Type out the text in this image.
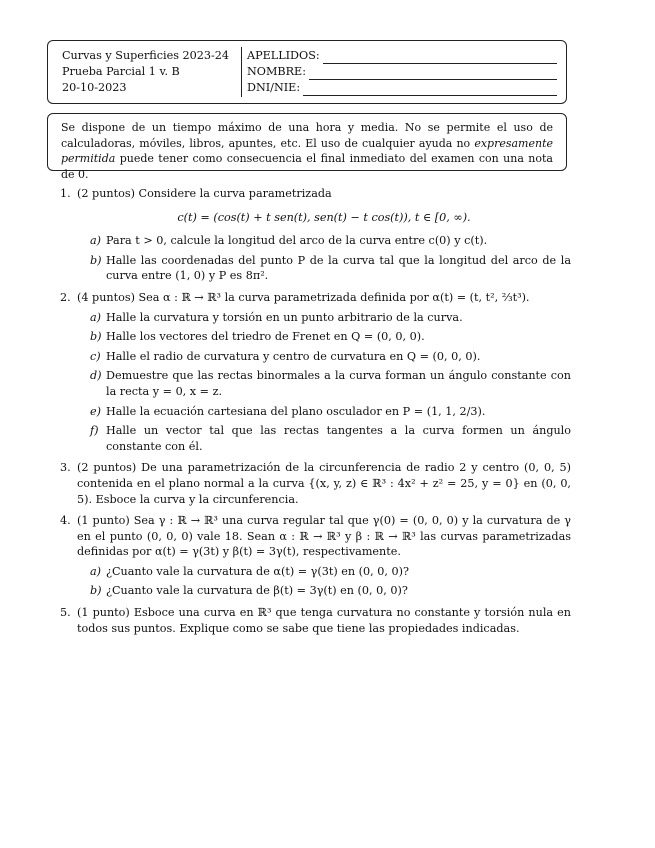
Curvas y Superficies 2023-24
Prueba Parcial 1 v. B
20-10-2023
APELLIDOS:
NOMBRE:
DNI/NIE:

Se dispone de un tiempo máximo de una hora y media. No se permite el uso de calculadoras, móviles, libros, apuntes, etc. El uso de cualquier ayuda no expresamente permitida puede tener como consecuencia el final inmediato del examen con una nota de 0.

1. (2 puntos) Considere la curva parametrizada
c(t) = (cos(t) + t sen(t), sen(t) − t cos(t)), t ∈ [0, ∞).
a) Para t > 0, calcule la longitud del arco de la curva entre c(0) y c(t).
b) Halle las coordenadas del punto P de la curva tal que la longitud del arco de la curva entre (1, 0) y P es 8π².
2. (4 puntos) Sea α : ℝ → ℝ³ la curva parametrizada definida por α(t) = (t, t², ⅔t³).
a) Halle la curvatura y torsión en un punto arbitrario de la curva.
b) Halle los vectores del triedro de Frenet en Q = (0, 0, 0).
c) Halle el radio de curvatura y centro de curvatura en Q = (0, 0, 0).
d) Demuestre que las rectas binormales a la curva forman un ángulo constante con la recta y = 0, x = z.
e) Halle la ecuación cartesiana del plano osculador en P = (1, 1, 2/3).
f) Halle un vector tal que las rectas tangentes a la curva formen un ángulo constante con él.
3. (2 puntos) De una parametrización de la circunferencia de radio 2 y centro (0, 0, 5) contenida en el plano normal a la curva {(x, y, z) ∈ ℝ³ : 4x² + z² = 25, y = 0} en (0, 0, 5). Esboce la curva y la circunferencia.
4. (1 punto) Sea γ : ℝ → ℝ³ una curva regular tal que γ(0) = (0, 0, 0) y la curvatura de γ en el punto (0, 0, 0) vale 18. Sean α : ℝ → ℝ³ y β : ℝ → ℝ³ las curvas parametrizadas definidas por α(t) = γ(3t) y β(t) = 3γ(t), respectivamente.
a) ¿Cuanto vale la curvatura de α(t) = γ(3t) en (0, 0, 0)?
b) ¿Cuanto vale la curvatura de β(t) = 3γ(t) en (0, 0, 0)?
5. (1 punto) Esboce una curva en ℝ³ que tenga curvatura no constante y torsión nula en todos sus puntos. Explique como se sabe que tiene las propiedades indicadas.
